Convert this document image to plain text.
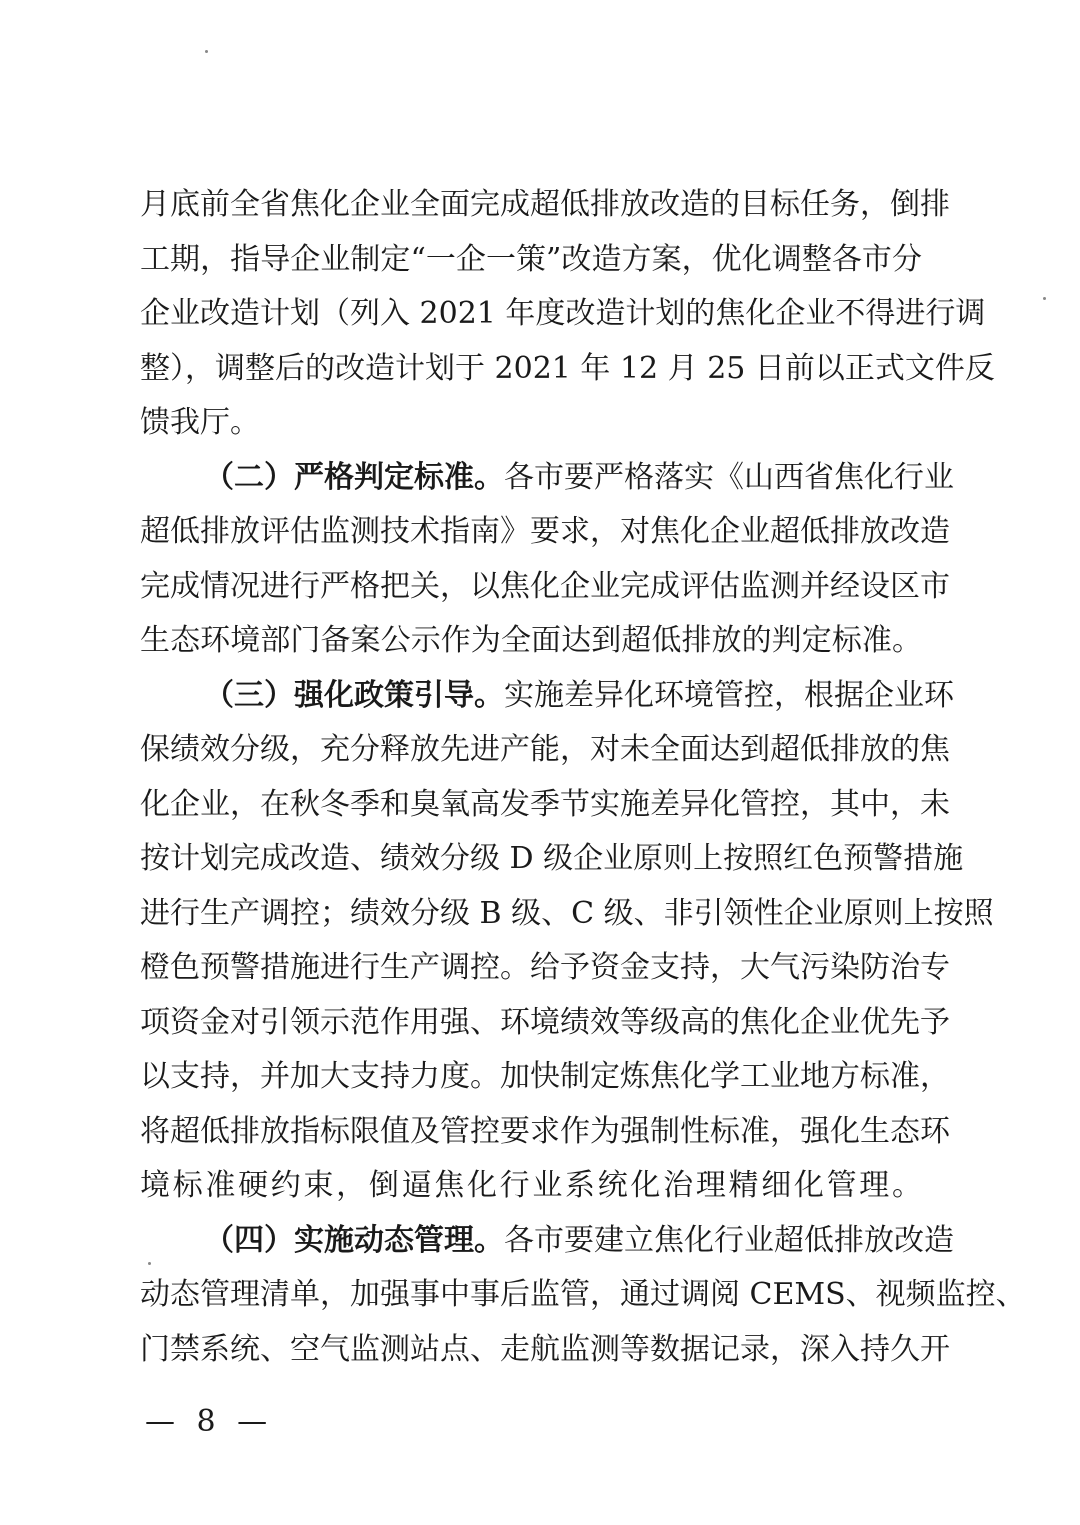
— 8 —
月底前全省焦化企业全面完成超低排放改造的目标任务，倒排
工期，指导企业制定“一企一策”改造方案，优化调整各市分
企业改造计划（列入 2021 年度改造计划的焦化企业不得进行调
整），调整后的改造计划于 2021 年 12 月 25 日前以正式文件反
馈我厅。
（二）严格判定标准。各市要严格落实《山西省焦化行业
超低排放评估监测技术指南》要求，对焦化企业超低排放改造
完成情况进行严格把关，以焦化企业完成评估监测并经设区市
生态环境部门备案公示作为全面达到超低排放的判定标准。
（三）强化政策引导。实施差异化环境管控，根据企业环
保绩效分级，充分释放先进产能，对未全面达到超低排放的焦
化企业，在秋冬季和臭氧高发季节实施差异化管控，其中，未
按计划完成改造、绩效分级 D 级企业原则上按照红色预警措施
进行生产调控；绩效分级 B 级、C 级、非引领性企业原则上按照
橙色预警措施进行生产调控。给予资金支持，大气污染防治专
项资金对引领示范作用强、环境绩效等级高的焦化企业优先予
以支持，并加大支持力度。加快制定炼焦化学工业地方标准，
将超低排放指标限值及管控要求作为强制性标准，强化生态环
境标准硬约束，倒逼焦化行业系统化治理精细化管理。
（四）实施动态管理。各市要建立焦化行业超低排放改造
动态管理清单，加强事中事后监管，通过调阅 CEMS、视频监控、
门禁系统、空气监测站点、走航监测等数据记录，深入持久开
